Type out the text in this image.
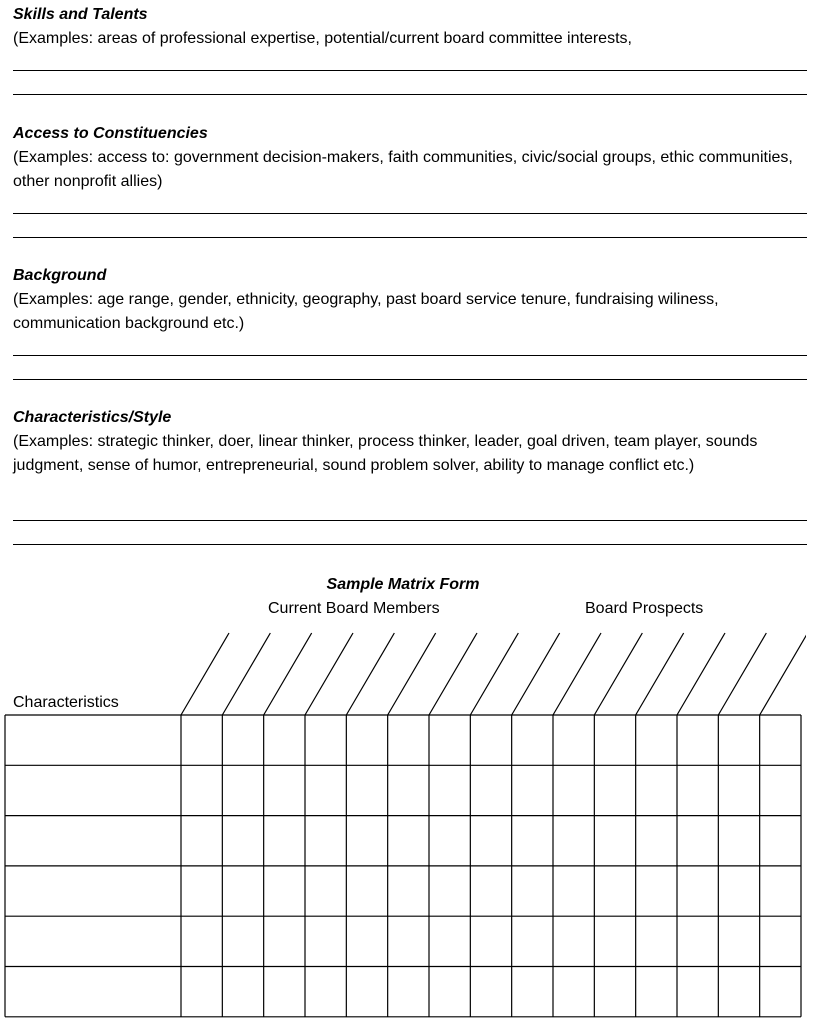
Skills and Talents

(Examples: areas of professional expertise, potential/current board committee interests,

Access to Constituencies

(Examples: access to: government decision-makers, faith communities, civic/social groups, ethic communities, other nonprofit allies)

Background

(Examples: age range, gender, ethnicity, geography, past board service tenure, fundraising wiliness, communication background etc.)

Characteristics/Style

(Examples: strategic thinker, doer, linear thinker, process thinker, leader, goal driven, team player, sounds judgment, sense of humor, entrepreneurial, sound problem solver, ability to manage conflict etc.)

Sample Matrix Form
Current Board Members	Board Prospects
Characteristics
